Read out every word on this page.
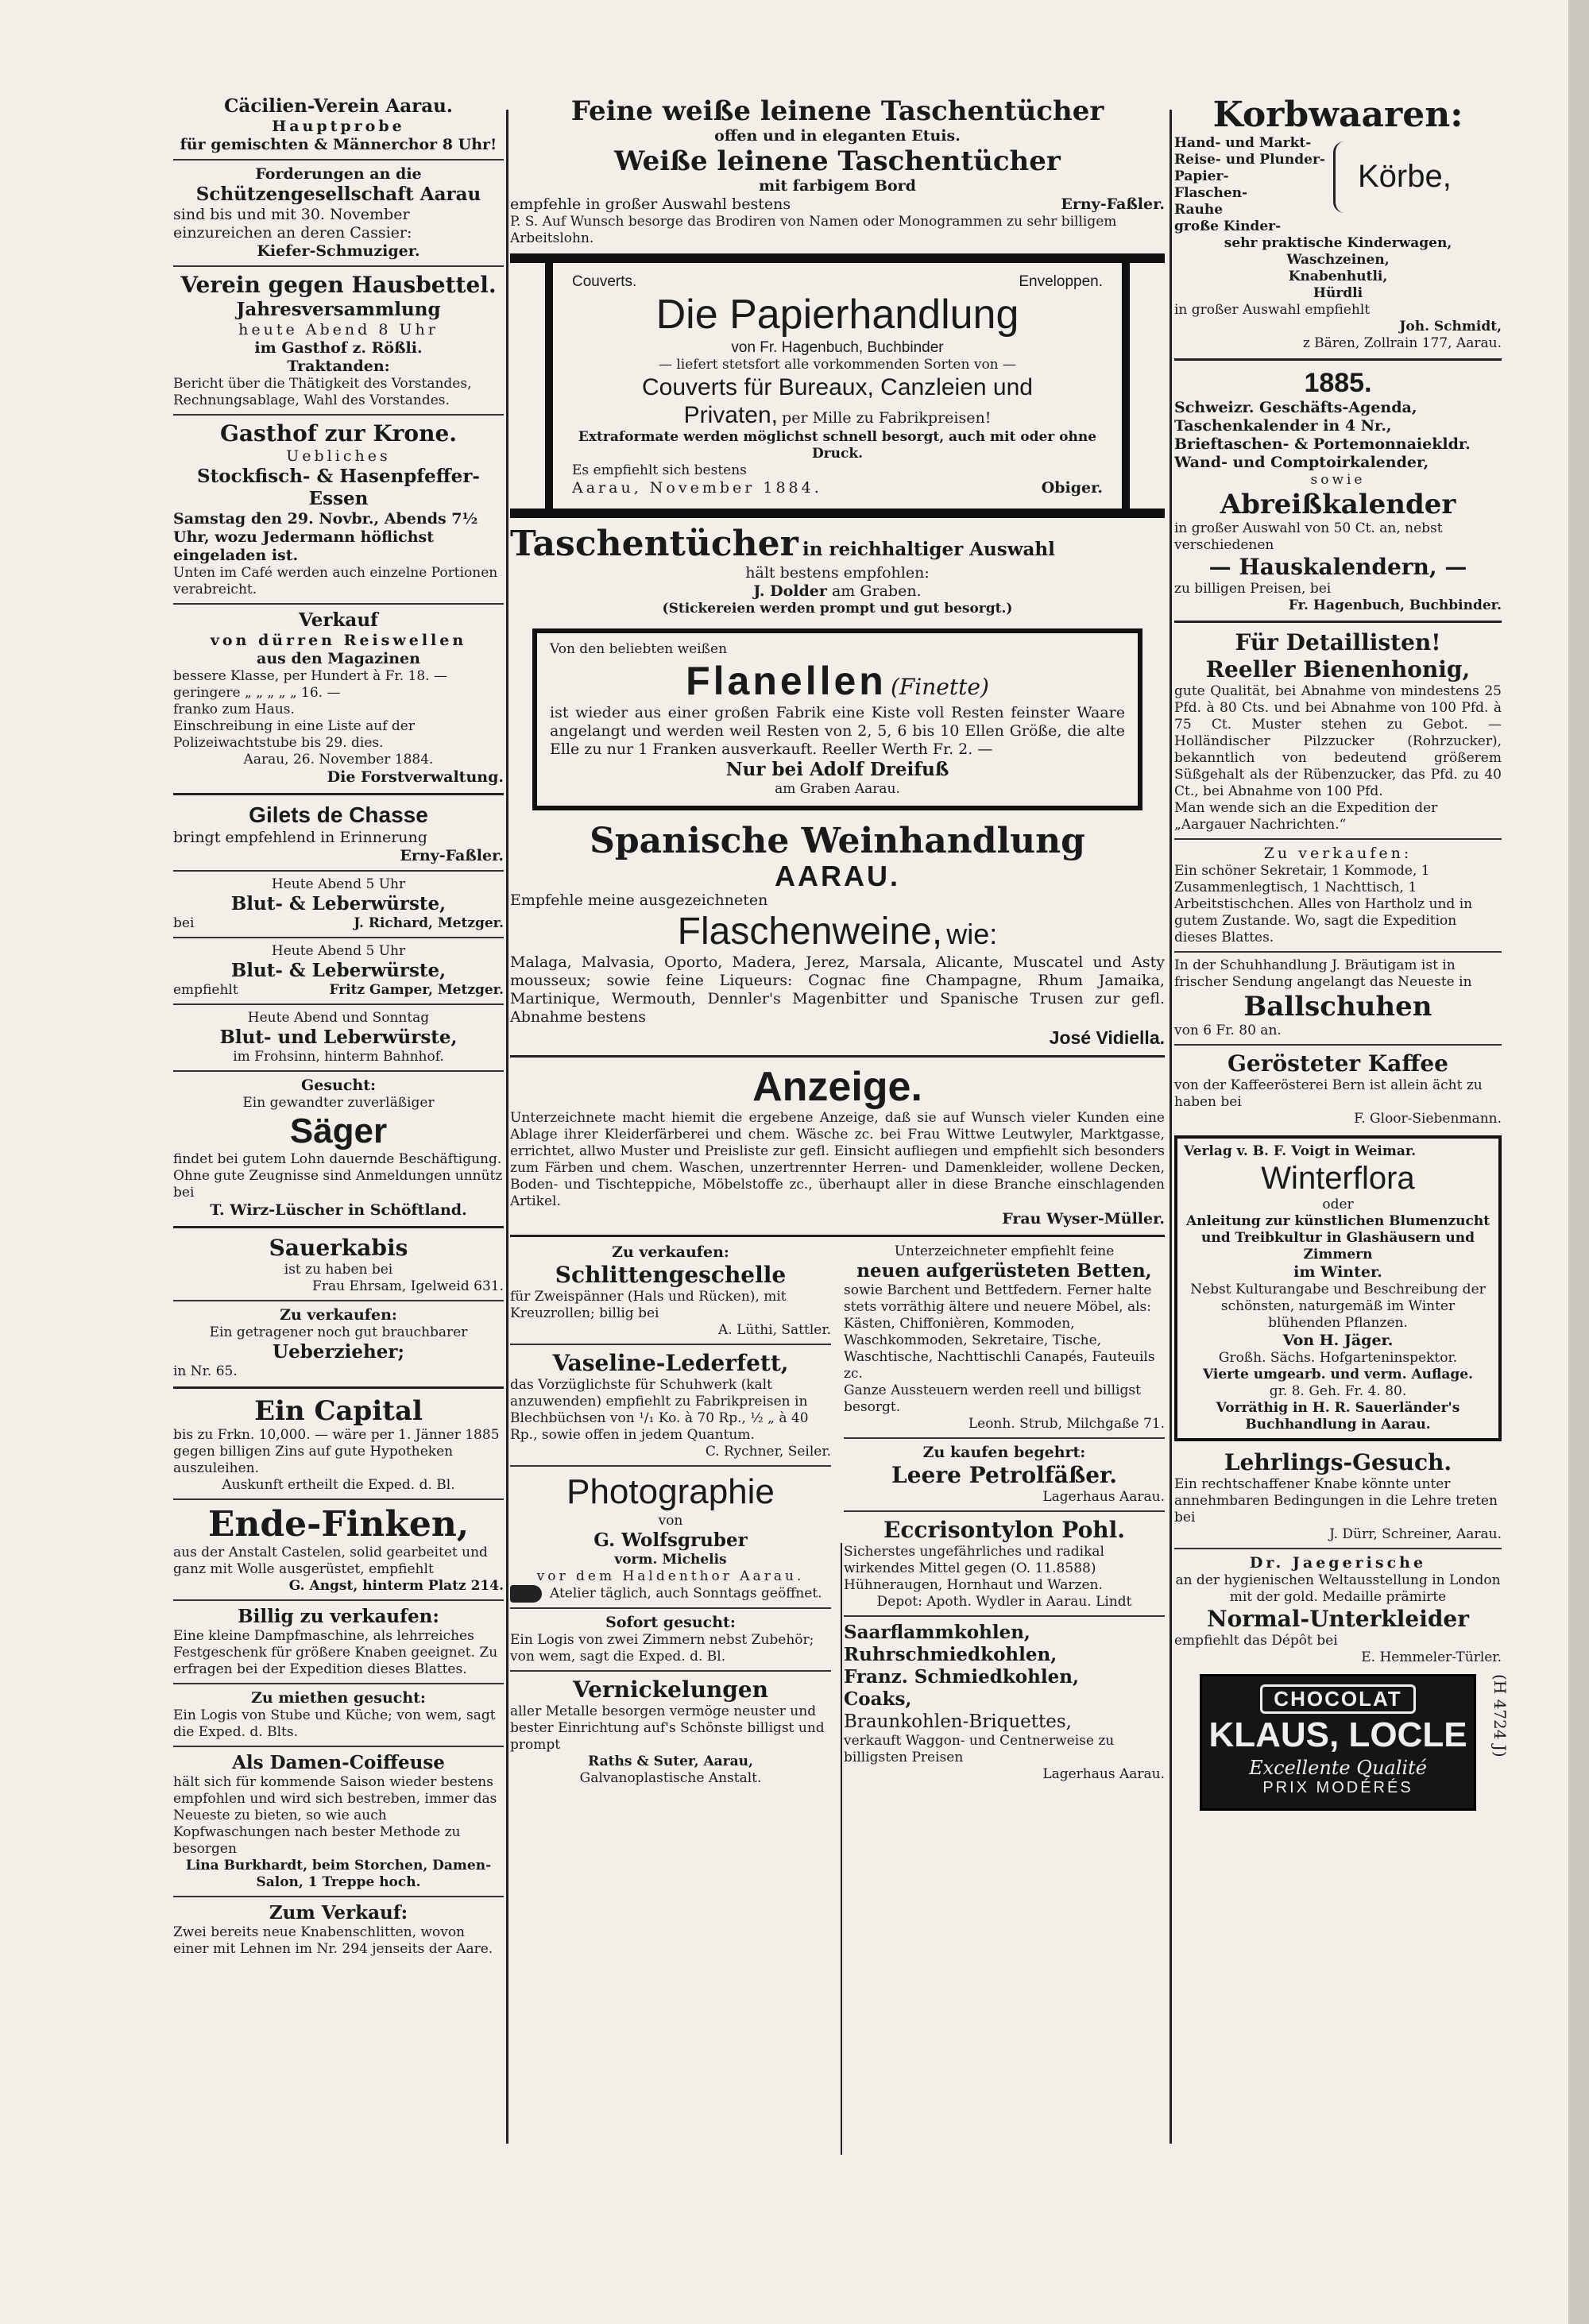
Cäcilien-Verein Aarau.
Hauptprobe
für gemischten & Männerchor 8 Uhr!
Forderungen an die
Schützengesellschaft Aarau
sind bis und mit 30. November einzureichen an deren Cassier:
Kiefer-Schmuziger.
Verein gegen Hausbettel.
Jahresversammlung
heute Abend 8 Uhr
im Gasthof z. Rößli.
Traktanden:
Bericht über die Thätigkeit des Vorstandes, Rechnungsablage, Wahl des Vorstandes.
Gasthof zur Krone.
Uebliches
Stockfisch- & Hasenpfeffer-Essen
Samstag den 29. Novbr., Abends 7½ Uhr, wozu Jedermann höflichst eingeladen ist.
Unten im Café werden auch einzelne Portionen verabreicht.
Verkauf
von dürren Reiswellen
aus den Magazinen
bessere Klasse, per Hundert à Fr. 18. —
geringere „ „ „ „ „ 16. —
franko zum Haus.
Einschreibung in eine Liste auf der Polizeiwachtstube bis 29. dies.
Aarau, 26. November 1884.
Die Forstverwaltung.
Gilets de Chasse
bringt empfehlend in Erinnerung
Erny-Faßler.
Heute Abend 5 Uhr
Blut- & Leberwürste,
bei	J. Richard, Metzger.
Heute Abend 5 Uhr
Blut- & Leberwürste,
empfiehlt	Fritz Gamper, Metzger.
Heute Abend und Sonntag
Blut- und Leberwürste,
im Frohsinn, hinterm Bahnhof.
Gesucht:
Ein gewandter zuverläßiger
Säger
findet bei gutem Lohn dauernde Beschäftigung. Ohne gute Zeugnisse sind Anmeldungen unnütz bei
T. Wirz-Lüscher in Schöftland.
Sauerkabis
ist zu haben bei
Frau Ehrsam, Igelweid 631.
Zu verkaufen:
Ein getragener noch gut brauchbarer
Ueberzieher;
in Nr. 65.
Ein Capital
bis zu Frkn. 10,000. — wäre per 1. Jänner 1885 gegen billigen Zins auf gute Hypotheken auszuleihen.
Auskunft ertheilt die Exped. d. Bl.
Ende-Finken,
aus der Anstalt Castelen, solid gearbeitet und ganz mit Wolle ausgerüstet, empfiehlt
G. Angst, hinterm Platz 214.
Billig zu verkaufen:
Eine kleine Dampfmaschine, als lehrreiches Festgeschenk für größere Knaben geeignet. Zu erfragen bei der Expedition dieses Blattes.
Zu miethen gesucht:
Ein Logis von Stube und Küche; von wem, sagt die Exped. d. Blts.
Als Damen-Coiffeuse
hält sich für kommende Saison wieder bestens empfohlen und wird sich bestreben, immer das Neueste zu bieten, so wie auch Kopfwaschungen nach bester Methode zu besorgen
Lina Burkhardt, beim Storchen, Damen-Salon, 1 Treppe hoch.
Zum Verkauf:
Zwei bereits neue Knabenschlitten, wovon einer mit Lehnen im Nr. 294 jenseits der Aare.
Feine weiße leinene Taschentücher
offen und in eleganten Etuis.
Weiße leinene Taschentücher
mit farbigem Bord
empfehle in großer Auswahl bestens	Erny-Faßler.
P. S. Auf Wunsch besorge das Brodiren von Namen oder Monogrammen zu sehr billigem Arbeitslohn.
Couverts.	Enveloppen.
Die Papierhandlung
von Fr. Hagenbuch, Buchbinder
— liefert stetsfort alle vorkommenden Sorten von —
Couverts für Bureaux, Canzleien und
Privaten, per Mille zu Fabrikpreisen!
Extraformate werden möglichst schnell besorgt, auch mit oder ohne Druck.
Es empfiehlt sich bestens
Aarau, November 1884.	Obiger.
Taschentücher in reichhaltiger Auswahl
hält bestens empfohlen:
J. Dolder am Graben.
(Stickereien werden prompt und gut besorgt.)
Von den beliebten weißen
Flanellen (Finette)
ist wieder aus einer großen Fabrik eine Kiste voll Resten feinster Waare angelangt und werden weil Resten von 2, 5, 6 bis 10 Ellen Größe, die alte Elle zu nur 1 Franken ausverkauft. Reeller Werth Fr. 2. —
Nur bei Adolf Dreifuß
am Graben Aarau.
Spanische Weinhandlung
AARAU.
Empfehle meine ausgezeichneten
Flaschenweine, wie:
Malaga, Malvasia, Oporto, Madera, Jerez, Marsala, Alicante, Muscatel und Asty mousseux; sowie feine Liqueurs: Cognac fine Champagne, Rhum Jamaika, Martinique, Wermouth, Dennler's Magenbitter und Spanische Trusen zur gefl. Abnahme bestens
José Vidiella.
Anzeige.
Unterzeichnete macht hiemit die ergebene Anzeige, daß sie auf Wunsch vieler Kunden eine Ablage ihrer Kleiderfärberei und chem. Wäsche zc. bei Frau Wittwe Leutwyler, Marktgasse, errichtet, allwo Muster und Preisliste zur gefl. Einsicht aufliegen und empfiehlt sich besonders zum Färben und chem. Waschen, unzertrennter Herren- und Damenkleider, wollene Decken, Boden- und Tischteppiche, Möbelstoffe zc., überhaupt aller in diese Branche einschlagenden Artikel.
Frau Wyser-Müller.
Zu verkaufen:
Schlittengeschelle
für Zweispänner (Hals und Rücken), mit Kreuzrollen; billig bei
A. Lüthi, Sattler.
Vaseline-Lederfett,
das Vorzüglichste für Schuhwerk (kalt anzuwenden) empfiehlt zu Fabrikpreisen in Blechbüchsen von ¹/₁ Ko. à 70 Rp., ½ „ à 40 Rp., sowie offen in jedem Quantum.
C. Rychner, Seiler.
Photographie
von
G. Wolfsgruber
vorm. Michelis
vor dem Haldenthor Aarau.
Atelier täglich, auch Sonntags geöffnet.
Sofort gesucht:
Ein Logis von zwei Zimmern nebst Zubehör; von wem, sagt die Exped. d. Bl.
Vernickelungen
aller Metalle besorgen vermöge neuster und bester Einrichtung auf's Schönste billigst und prompt
Raths & Suter, Aarau,
Galvanoplastische Anstalt.
Unterzeichneter empfiehlt feine
neuen aufgerüsteten Betten,
sowie Barchent und Bettfedern. Ferner halte stets vorräthig ältere und neuere Möbel, als: Kästen, Chiffonièren, Kommoden, Waschkommoden, Sekretaire, Tische, Waschtische, Nachttischli Canapés, Fauteuils zc.
Ganze Aussteuern werden reell und billigst besorgt.
Leonh. Strub, Milchgaße 71.
Zu kaufen begehrt:
Leere Petrolfäßer.
Lagerhaus Aarau.
Eccrisontylon Pohl.
Sicherstes ungefährliches und radikal wirkendes Mittel gegen (O. 11.8588) Hühneraugen, Hornhaut und Warzen.
Depot: Apoth. Wydler in Aarau. Lindt
Saarflammkohlen,
Ruhrschmiedkohlen,
Franz. Schmiedkohlen,
Coaks,
Braunkohlen-Briquettes,
verkauft Waggon- und Centnerweise zu billigsten Preisen
Lagerhaus Aarau.
Korbwaaren:
Hand- und Markt-
Reise- und Plunder-
Papier-
Flaschen-
Rauhe
Körbe,
große Kinder-
sehr praktische Kinderwagen,
Waschzeinen,
Knabenhutli,
Hürdli
in großer Auswahl empfiehlt
Joh. Schmidt,
z Bären, Zollrain 177, Aarau.
1885.
Schweizr. Geschäfts-Agenda,
Taschenkalender in 4 Nr.,
Brieftaschen- & Portemonnaiekldr.
Wand- und Comptoirkalender,
sowie
Abreißkalender
in großer Auswahl von 50 Ct. an, nebst verschiedenen
— Hauskalendern, —
zu billigen Preisen, bei
Fr. Hagenbuch, Buchbinder.
Für Detaillisten!
Reeller Bienenhonig,
gute Qualität, bei Abnahme von mindestens 25 Pfd. à 80 Cts. und bei Abnahme von 100 Pfd. à 75 Ct. Muster stehen zu Gebot. — Holländischer Pilzzucker (Rohrzucker), bekanntlich von bedeutend größerem Süßgehalt als der Rübenzucker, das Pfd. zu 40 Ct., bei Abnahme von 100 Pfd.
Man wende sich an die Expedition der „Aargauer Nachrichten.“
Zu verkaufen:
Ein schöner Sekretair, 1 Kommode, 1 Zusammenlegtisch, 1 Nachttisch, 1 Arbeitstischchen. Alles von Hartholz und in gutem Zustande. Wo, sagt die Expedition dieses Blattes.
In der Schuhhandlung J. Bräutigam ist in frischer Sendung angelangt das Neueste in
Ballschuhen
von 6 Fr. 80 an.
Gerösteter Kaffee
von der Kaffeerösterei Bern ist allein ächt zu haben bei
F. Gloor-Siebenmann.
Verlag v. B. F. Voigt in Weimar.
Winterflora
oder
Anleitung zur künstlichen Blumenzucht und Treibkultur in Glashäusern und Zimmern
im Winter.
Nebst Kulturangabe und Beschreibung der schönsten, naturgemäß im Winter blühenden Pflanzen.
Von H. Jäger.
Großh. Sächs. Hofgarteninspektor.
Vierte umgearb. und verm. Auflage.
gr. 8. Geh. Fr. 4. 80.
Vorräthig in H. R. Sauerländer's Buchhandlung in Aarau.
Lehrlings-Gesuch.
Ein rechtschaffener Knabe könnte unter annehmbaren Bedingungen in die Lehre treten bei
J. Dürr, Schreiner, Aarau.
Dr. Jaegerische
an der hygienischen Weltausstellung in London mit der gold. Medaille prämirte
Normal-Unterkleider
empfiehlt das Dépôt bei
E. Hemmeler-Türler.
CHOCOLAT
KLAUS, LOCLE
Excellente Qualité
PRIX MODÉRÉS
(H 4724 J)
